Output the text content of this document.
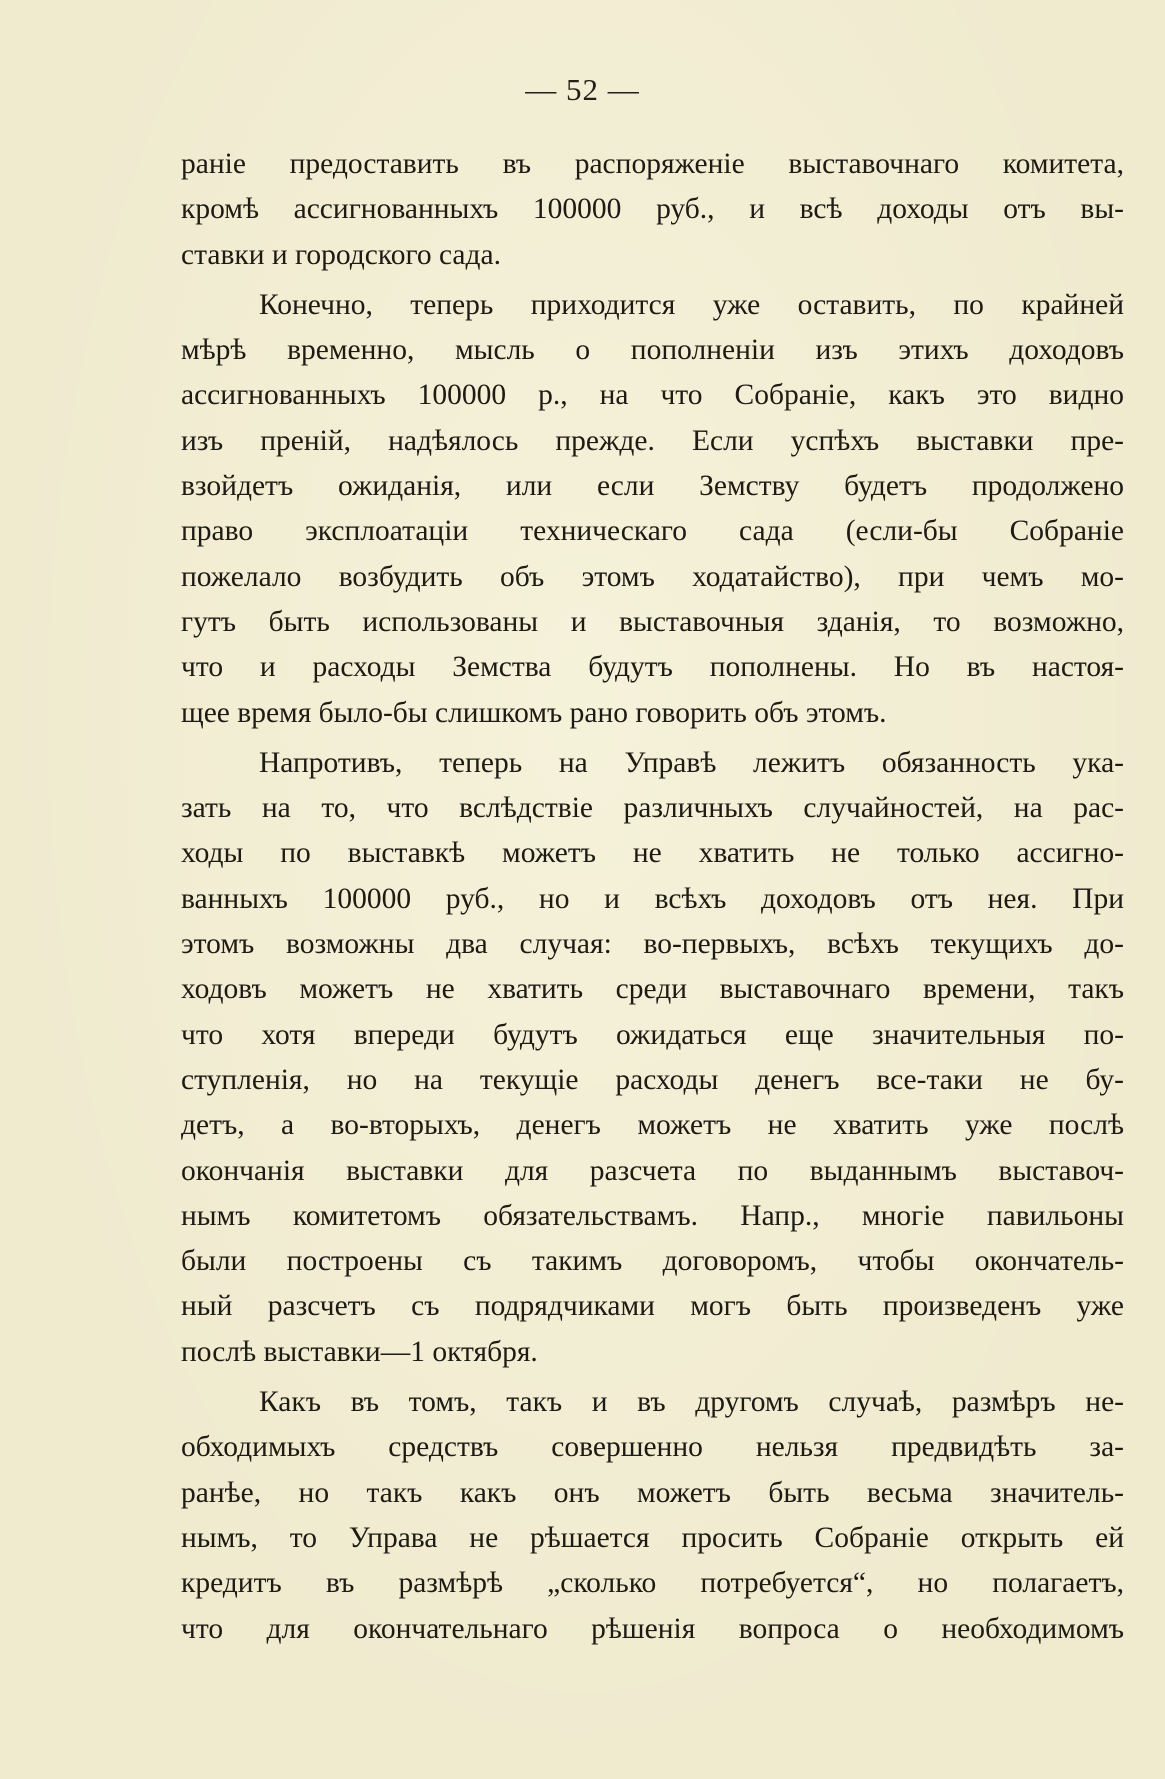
— 52 —
раніе предоставить въ распоряженіе выставочнаго комитета,
кромѣ ассигнованныхъ 100000 руб., и всѣ доходы отъ вы-
ставки и городского сада.
Конечно, теперь приходится уже оставить, по крайней
мѣрѣ временно, мысль о пополненіи изъ этихъ доходовъ
ассигнованныхъ 100000 р., на что Собраніе, какъ это видно
изъ преній, надѣялось прежде. Если успѣхъ выставки пре-
взойдетъ ожиданія, или если Земству будетъ продолжено
право эксплоатаціи техническаго сада (если-бы Собраніе
пожелало возбудить объ этомъ ходатайство), при чемъ мо-
гутъ быть использованы и выставочныя зданія, то возможно,
что и расходы Земства будутъ пополнены. Но въ настоя-
щее время было-бы слишкомъ рано говорить объ этомъ.
Напротивъ, теперь на Управѣ лежитъ обязанность ука-
зать на то, что вслѣдствіе различныхъ случайностей, на рас-
ходы по выставкѣ можетъ не хватить не только ассигно-
ванныхъ 100000 руб., но и всѣхъ доходовъ отъ нея. При
этомъ возможны два случая: во-первыхъ, всѣхъ текущихъ до-
ходовъ можетъ не хватить среди выставочнаго времени, такъ
что хотя впереди будутъ ожидаться еще значительныя по-
ступленія, но на текущіе расходы денегъ все-таки не бу-
детъ, а во-вторыхъ, денегъ можетъ не хватить уже послѣ
окончанія выставки для разсчета по выданнымъ выставоч-
нымъ комитетомъ обязательствамъ. Напр., многіе павильоны
были построены съ такимъ договоромъ, чтобы окончатель-
ный разсчетъ съ подрядчиками могъ быть произведенъ уже
послѣ выставки—1 октября.
Какъ въ томъ, такъ и въ другомъ случаѣ, размѣръ не-
обходимыхъ средствъ совершенно нельзя предвидѣть за-
ранѣе, но такъ какъ онъ можетъ быть весьма значитель-
нымъ, то Управа не рѣшается просить Собраніе открыть ей
кредитъ въ размѣрѣ „сколько потребуется“, но полагаетъ,
что для окончательнаго рѣшенія вопроса о необходимомъ
